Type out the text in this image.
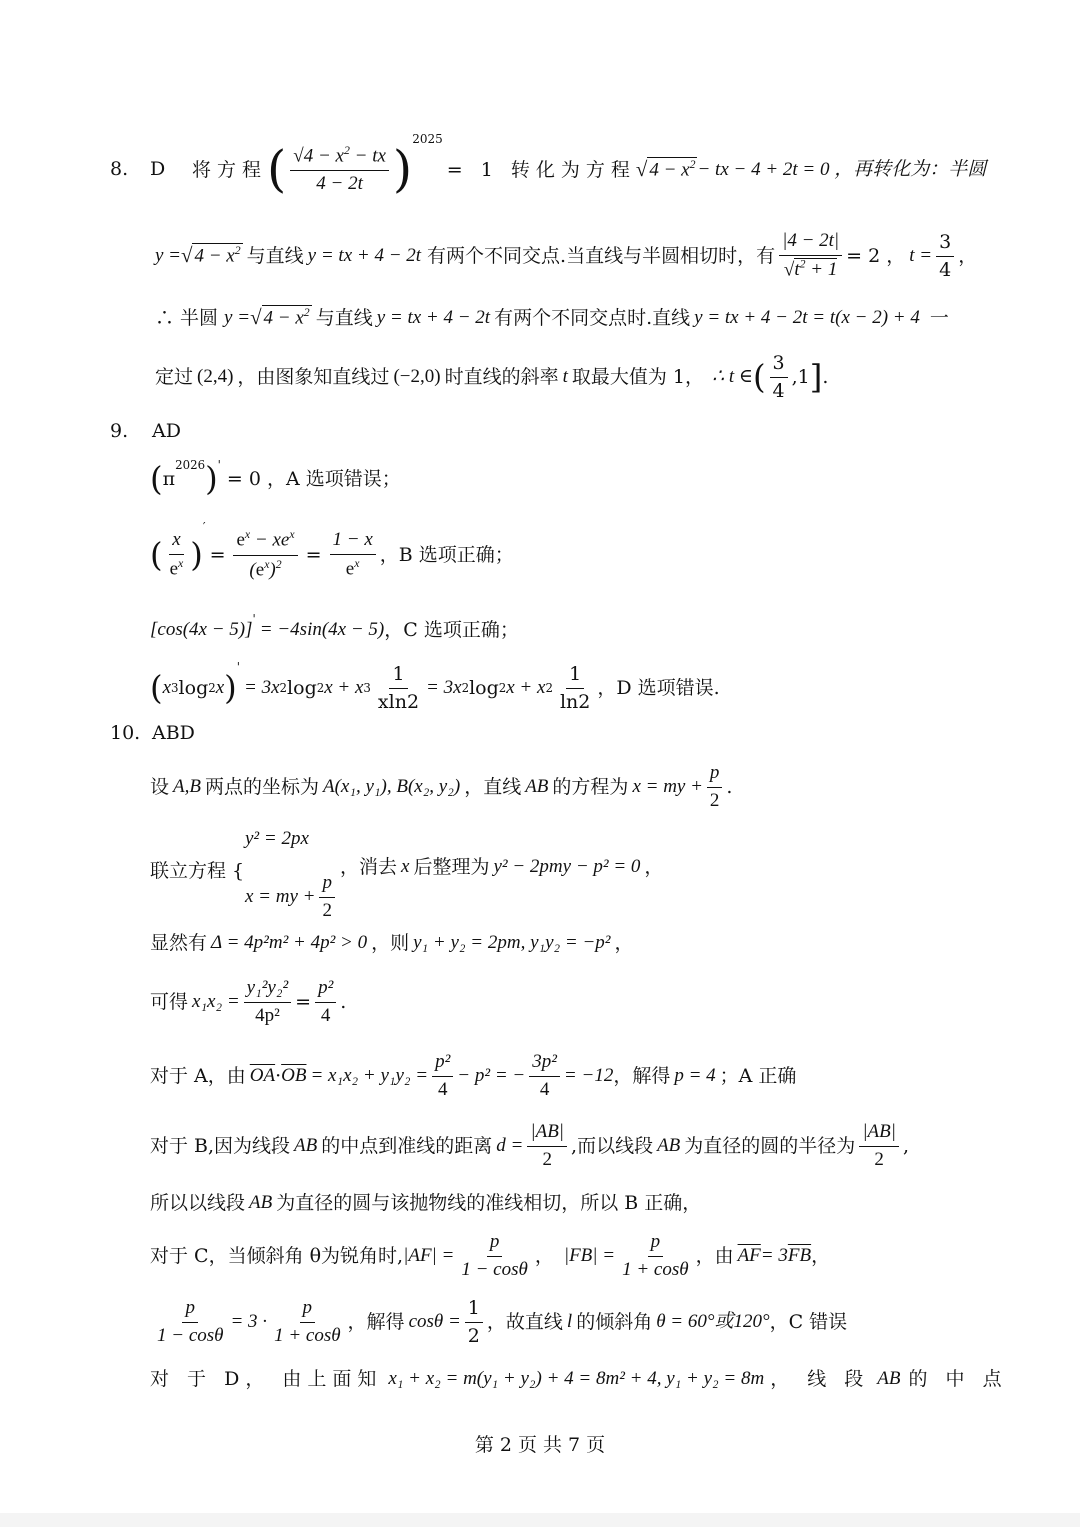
8. D 将方程 ( $\frac{√4 - x^2 - tx}{4 - 2t}$ )
2025
= 1 转化为方程 √ $4 - x^2$ − tx − 4 + 2t = 0 ，再转化为：半圆
y = √ $4 - x^2$ 与直线 y = tx + 4 − 2t 有两个不同交点.当直线与半圆相切时，有 $\frac{|4 - 2t|}{√t^2 + 1} = 2$ ， $t = \frac{3}{4}$ ，
∴ 半圆 y = √ $4 - x^2$ 与直线 y = tx + 4 − 2t 有两个不同交点时.直线 y = tx + 4 − 2t = t(x − 2) + 4 一
定过 (2,4) ，由图象知直线过 (−2,0) 时直线的斜率 t 取最大值为 1， ∴ t ∈ ( $\frac{3}{4} ,1$ ] .
9. AD
( π
$^{2026}$ )'
= 0 ，A 选项错误；
( $\frac{x}{e^x}$ )
′
= $\frac{e^x - xe^x}{(e^x)^2} = \frac{1 - x}{e^x}$ ，B 选项正确；
[cos(4x − 5)]' = −4sin(4x − 5) ，C 选项正确；
( x 3 log 2 x )
'
= 3x 2 log 2 x + x $3 \frac{1}{xln2} = 3x$ 2 log 2 x + x $2 \frac{1}{\ln 2}$ ，D 选项错误.
10. ABD
设 A,B 两点的坐标为 A(x₁, y₁), B(x₂, y₂) ，直线 AB 的方程为 x = my + $\frac{p}{2}$ .
y² = 2px
联立方程 {
x = my + $\frac{p}{2}$
，消去 x 后整理为 y² − 2pmy − p² = 0 ，
显然有 Δ = 4p²m² + 4p² > 0 ，则 y₁ + y₂ = 2pm, y₁y₂ = −p² ，
可得 $x_1x_2 = \frac{\text{y₁²y₂²}}{\text{4p²}} = \frac{\text{p²}}{4}$ .
对于 A，由 $\overline{OA} \cdot \overline{OB} = x_1x_2 + y_1y_2 = \frac{\text{p²}}{4} - p^2$ = − $\frac{\text{3p²}}{4} = -12$ ，解得 p = 4 ；A 正确
对于 B,因为线段 AB 的中点到准线的距离 $d = \frac{|AB|}{2}$ ,而以线段 AB 为直径的圆的半径为 $\frac{|AB|}{2}$ ,
所以以线段 AB 为直径的圆与该抛物线的准线相切，所以 B 正确，
对于 C，当倾斜角 θ为锐角时, $|AF| = \frac{p}{1 - \cos\theta}$ ， $|FB| = \frac{p}{1 + \cos\theta}$ ，由 $\overline{AF} = 3$ $\overline{FB}$ ，
$\frac{p}{1 - \cos\theta} = 3 \cdot \frac{p}{1 + \cos\theta}$ ，解得 $\cos\theta = \frac{1}{2}$ ，故直线 l 的倾斜角 θ = 60°或120° ，C 错误
对 于 D， 由上面知 x₁ + x₂ = m(y₁ + y₂) + 4 = 8m² + 4, y₁ + y₂ = 8m ， 线 段 AB 的 中 点
第 2 页 共 7 页
